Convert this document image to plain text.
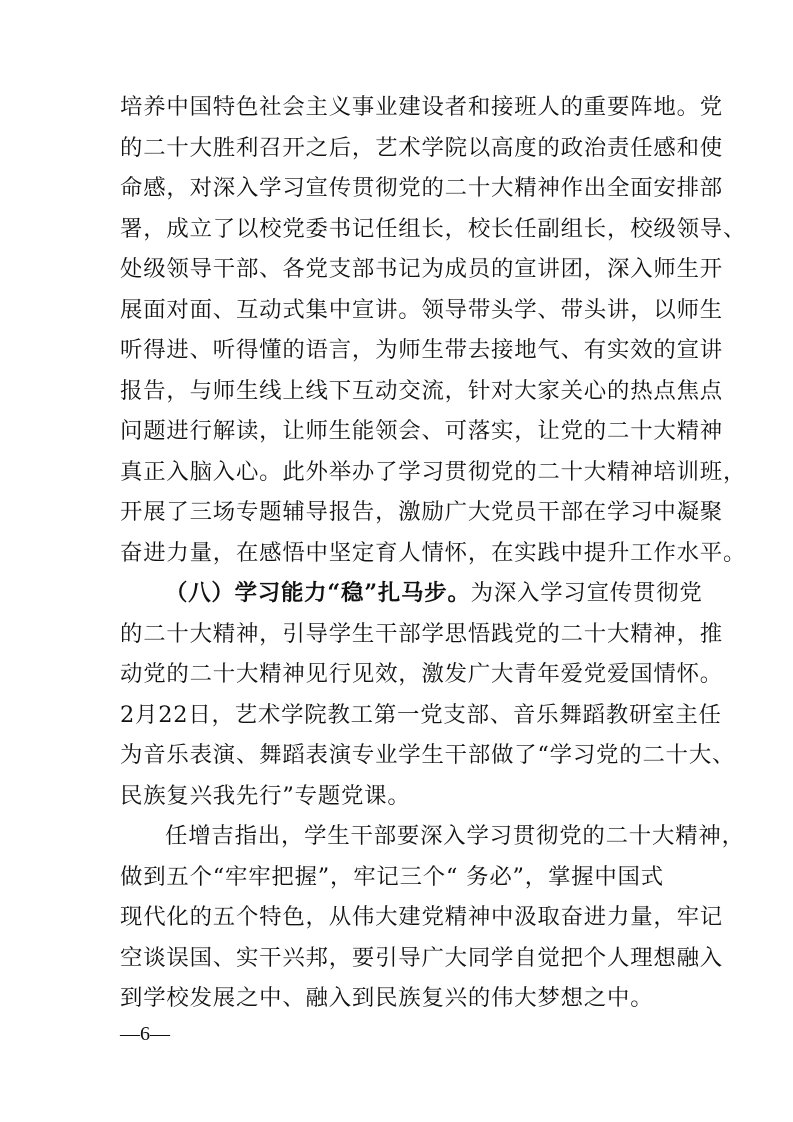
培养中国特色社会主义事业建设者和接班人的重要阵地。党
的二十大胜利召开之后，艺术学院以高度的政治责任感和使
命感，对深入学习宣传贯彻党的二十大精神作出全面安排部
署，成立了以校党委书记任组长，校长任副组长，校级领导、
处级领导干部、各党支部书记为成员的宣讲团，深入师生开
展面对面、互动式集中宣讲。领导带头学、带头讲，以师生
听得进、听得懂的语言，为师生带去接地气、有实效的宣讲
报告，与师生线上线下互动交流，针对大家关心的热点焦点
问题进行解读，让师生能领会、可落实，让党的二十大精神
真正入脑入心。此外举办了学习贯彻党的二十大精神培训班，
开展了三场专题辅导报告，激励广大党员干部在学习中凝聚
奋进力量，在感悟中坚定育人情怀，在实践中提升工作水平。
（八）学习能力“稳”扎马步。为深入学习宣传贯彻党
的二十大精神，引导学生干部学思悟践党的二十大精神，推
动党的二十大精神见行见效，激发广大青年爱党爱国情怀。
2月22日，艺术学院教工第一党支部、音乐舞蹈教研室主任
为音乐表演、舞蹈表演专业学生干部做了“学习党的二十大、
民族复兴我先行”专题党课。
任增吉指出，学生干部要深入学习贯彻党的二十大精神，
做到五个“牢牢把握”，牢记三个“ 务必”，掌握中国式
现代化的五个特色，从伟大建党精神中汲取奋进力量，牢记
空谈误国、实干兴邦，要引导广大同学自觉把个人理想融入
到学校发展之中、融入到民族复兴的伟大梦想之中。
—6—
